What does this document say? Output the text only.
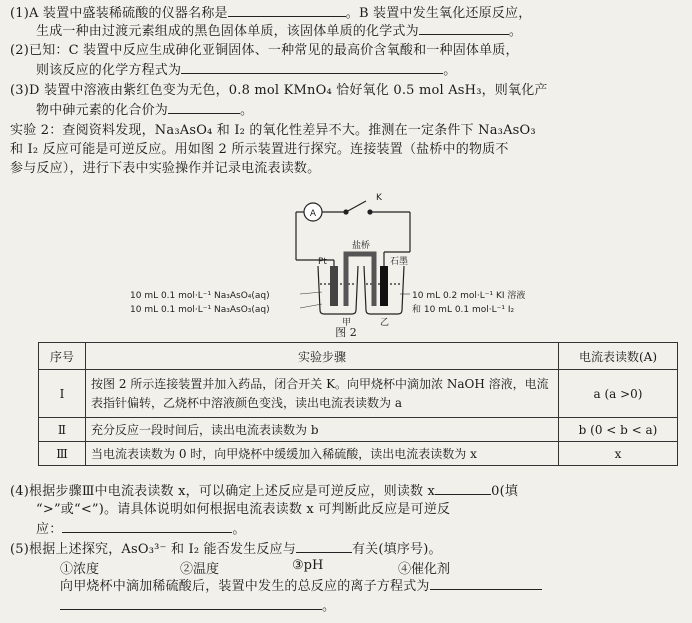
(1)A 装置中盛装稀硫酸的仪器名称是	。B 装置中发生氧化还原反应，
生成一种由过渡元素组成的黑色固体单质，该固体单质的化学式为	。
(2)已知：C 装置中反应生成砷化亚铜固体、一种常见的最高价含氧酸和一种固体单质，
则该反应的化学方程式为	。
(3)D 装置中溶液由紫红色变为无色，0.8 mol KMnO₄ 恰好氧化 0.5 mol AsH₃，则氧化产
物中砷元素的化合价为	。
实验 2：查阅资料发现，Na₃AsO₄ 和 I₂ 的氧化性差异不大。推测在一定条件下 Na₃AsO₃
和 I₂ 反应可能是可逆反应。用如图 2 所示装置进行探究。连接装置（盐桥中的物质不
参与反应），进行下表中实验操作并记录电流表读数。
A
K
盐桥
Pt	石墨
甲	乙
10 mL 0.1 mol·L⁻¹ Na₃AsO₄(aq)
10 mL 0.1 mol·L⁻¹ Na₃AsO₃(aq)
10 mL 0.2 mol·L⁻¹ KI 溶液
和 10 mL 0.1 mol·L⁻¹ I₂
图 2
序号	实验步骤	电流表读数(A)
Ⅰ	按图 2 所示连接装置并加入药品，闭合开关 K。向甲烧杯中滴加浓 NaOH 溶液，电流表指针偏转，乙烧杯中溶液颜色变浅，读出电流表读数为 a	a (a >0)
Ⅱ	充分反应一段时间后，读出电流表读数为 b	b (0 < b < a)
Ⅲ	当电流表读数为 0 时，向甲烧杯中缓缓加入稀硫酸，读出电流表读数为 x	x
(4)根据步骤Ⅲ中电流表读数 x，可以确定上述反应是可逆反应，则读数 x	0(填
“>”或“<”)。请具体说明如何根据电流表读数 x 可判断此反应是可逆反
应：	。
(5)根据上述探究，AsO₃³⁻ 和 I₂ 能否发生反应与	有关(填序号)。
①浓度	②温度	③pH	④催化剂
向甲烧杯中滴加稀硫酸后，装置中发生的总反应的离子方程式为
。
